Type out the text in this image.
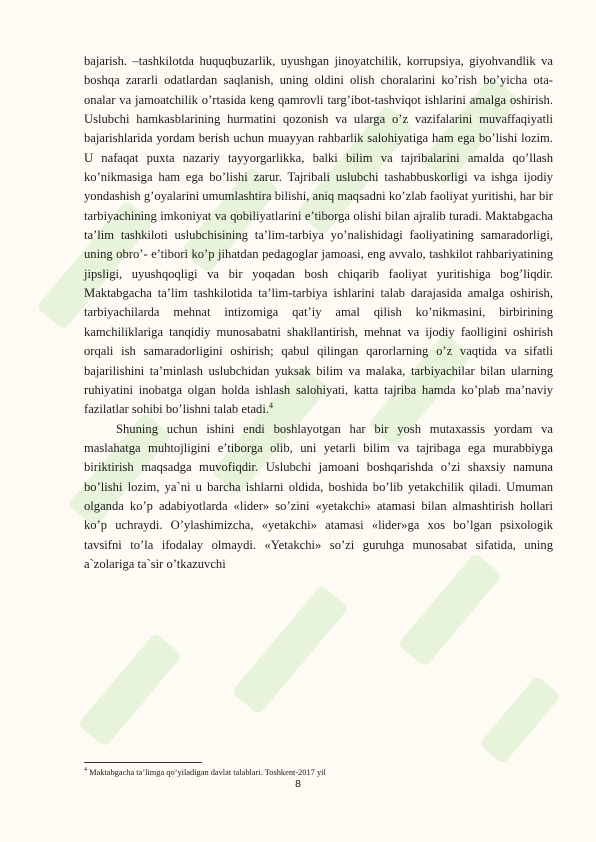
bajarish. –tashkilotda huquqbuzarlik, uyushgan jinoyatchilik, korrupsiya, giyohvandlik va boshqa zararli odatlardan saqlanish, uning oldini olish choralarini ko’rish bo’yicha ota-onalar va jamoatchilik o’rtasida keng qamrovli targ’ibot-tashviqot ishlarini amalga oshirish. Uslubchi hamkasblarining hurmatini qozonish va ularga o’z vazifalarini muvaffaqiyatli bajarishlarida yordam berish uchun muayyan rahbarlik salohiyatiga ham ega bo’lishi lozim. U nafaqat puxta nazariy tayyorgarlikka, balki bilim va tajribalarini amalda qo’llash ko’nikmasiga ham ega bo’lishi zarur. Tajribali uslubchi tashabbuskorligi va ishga ijodiy yondashish g’oyalarini umumlashtira bilishi, aniq maqsadni ko’zlab faoliyat yuritishi, har bir tarbiyachining imkoniyat va qobiliyatlarini e’tiborga olishi bilan ajralib turadi. Maktabgacha ta’lim tashkiloti uslubchisining ta’lim-tarbiya yo’nalishidagi faoliyatining samaradorligi, uning obro’- e’tibori ko’p jihatdan pedagoglar jamoasi, eng avvalo, tashkilot rahbariyatining jipsligi, uyushqoqligi va bir yoqadan bosh chiqarib faoliyat yuritishiga bog’liqdir. Maktabgacha ta’lim tashkilotida ta’lim-tarbiya ishlarini talab darajasida amalga oshirish, tarbiyachilarda mehnat intizomiga qat’iy amal qilish ko’nikmasini, birbirining kamchiliklariga tanqidiy munosabatni shakllantirish, mehnat va ijodiy faolligini oshirish orqali ish samaradorligini oshirish; qabul qilingan qarorlarning o’z vaqtida va sifatli bajarilishini ta’minlash uslubchidan yuksak bilim va malaka, tarbiyachilar bilan ularning ruhiyatini inobatga olgan holda ishlash salohiyati, katta tajriba hamda ko’plab ma’naviy fazilatlar sohibi bo’lishni talab etadi.$^4$

Shuning uchun ishini endi boshlayotgan har bir yosh mutaxassis yordam va maslahatga muhtojligini e’tiborga olib, uni yetarli bilim va tajribaga ega murabbiyga biriktirish maqsadga muvofiqdir. Uslubchi jamoani boshqarishda o’zi shaxsiy namuna bo’lishi lozim, ya`ni u barcha ishlarni oldida, boshida bo’lib yetakchilik qiladi. Umuman olganda ko’p adabiyotlarda «lider» so’zini «yetakchi» atamasi bilan almashtirish hollari ko’p uchraydi. O’ylashimizcha, «yetakchi» atamasi «lider»ga xos bo’lgan psixologik tavsifni to’la ifodalay olmaydi. «Yetakchi» so’zi guruhga munosabat sifatida, uning a`zolariga ta`sir o’tkazuvchi

$^4$ Maktabgacha ta’limga qo’yiladigan davlat talablari. Toshkent-2017 yil
8
